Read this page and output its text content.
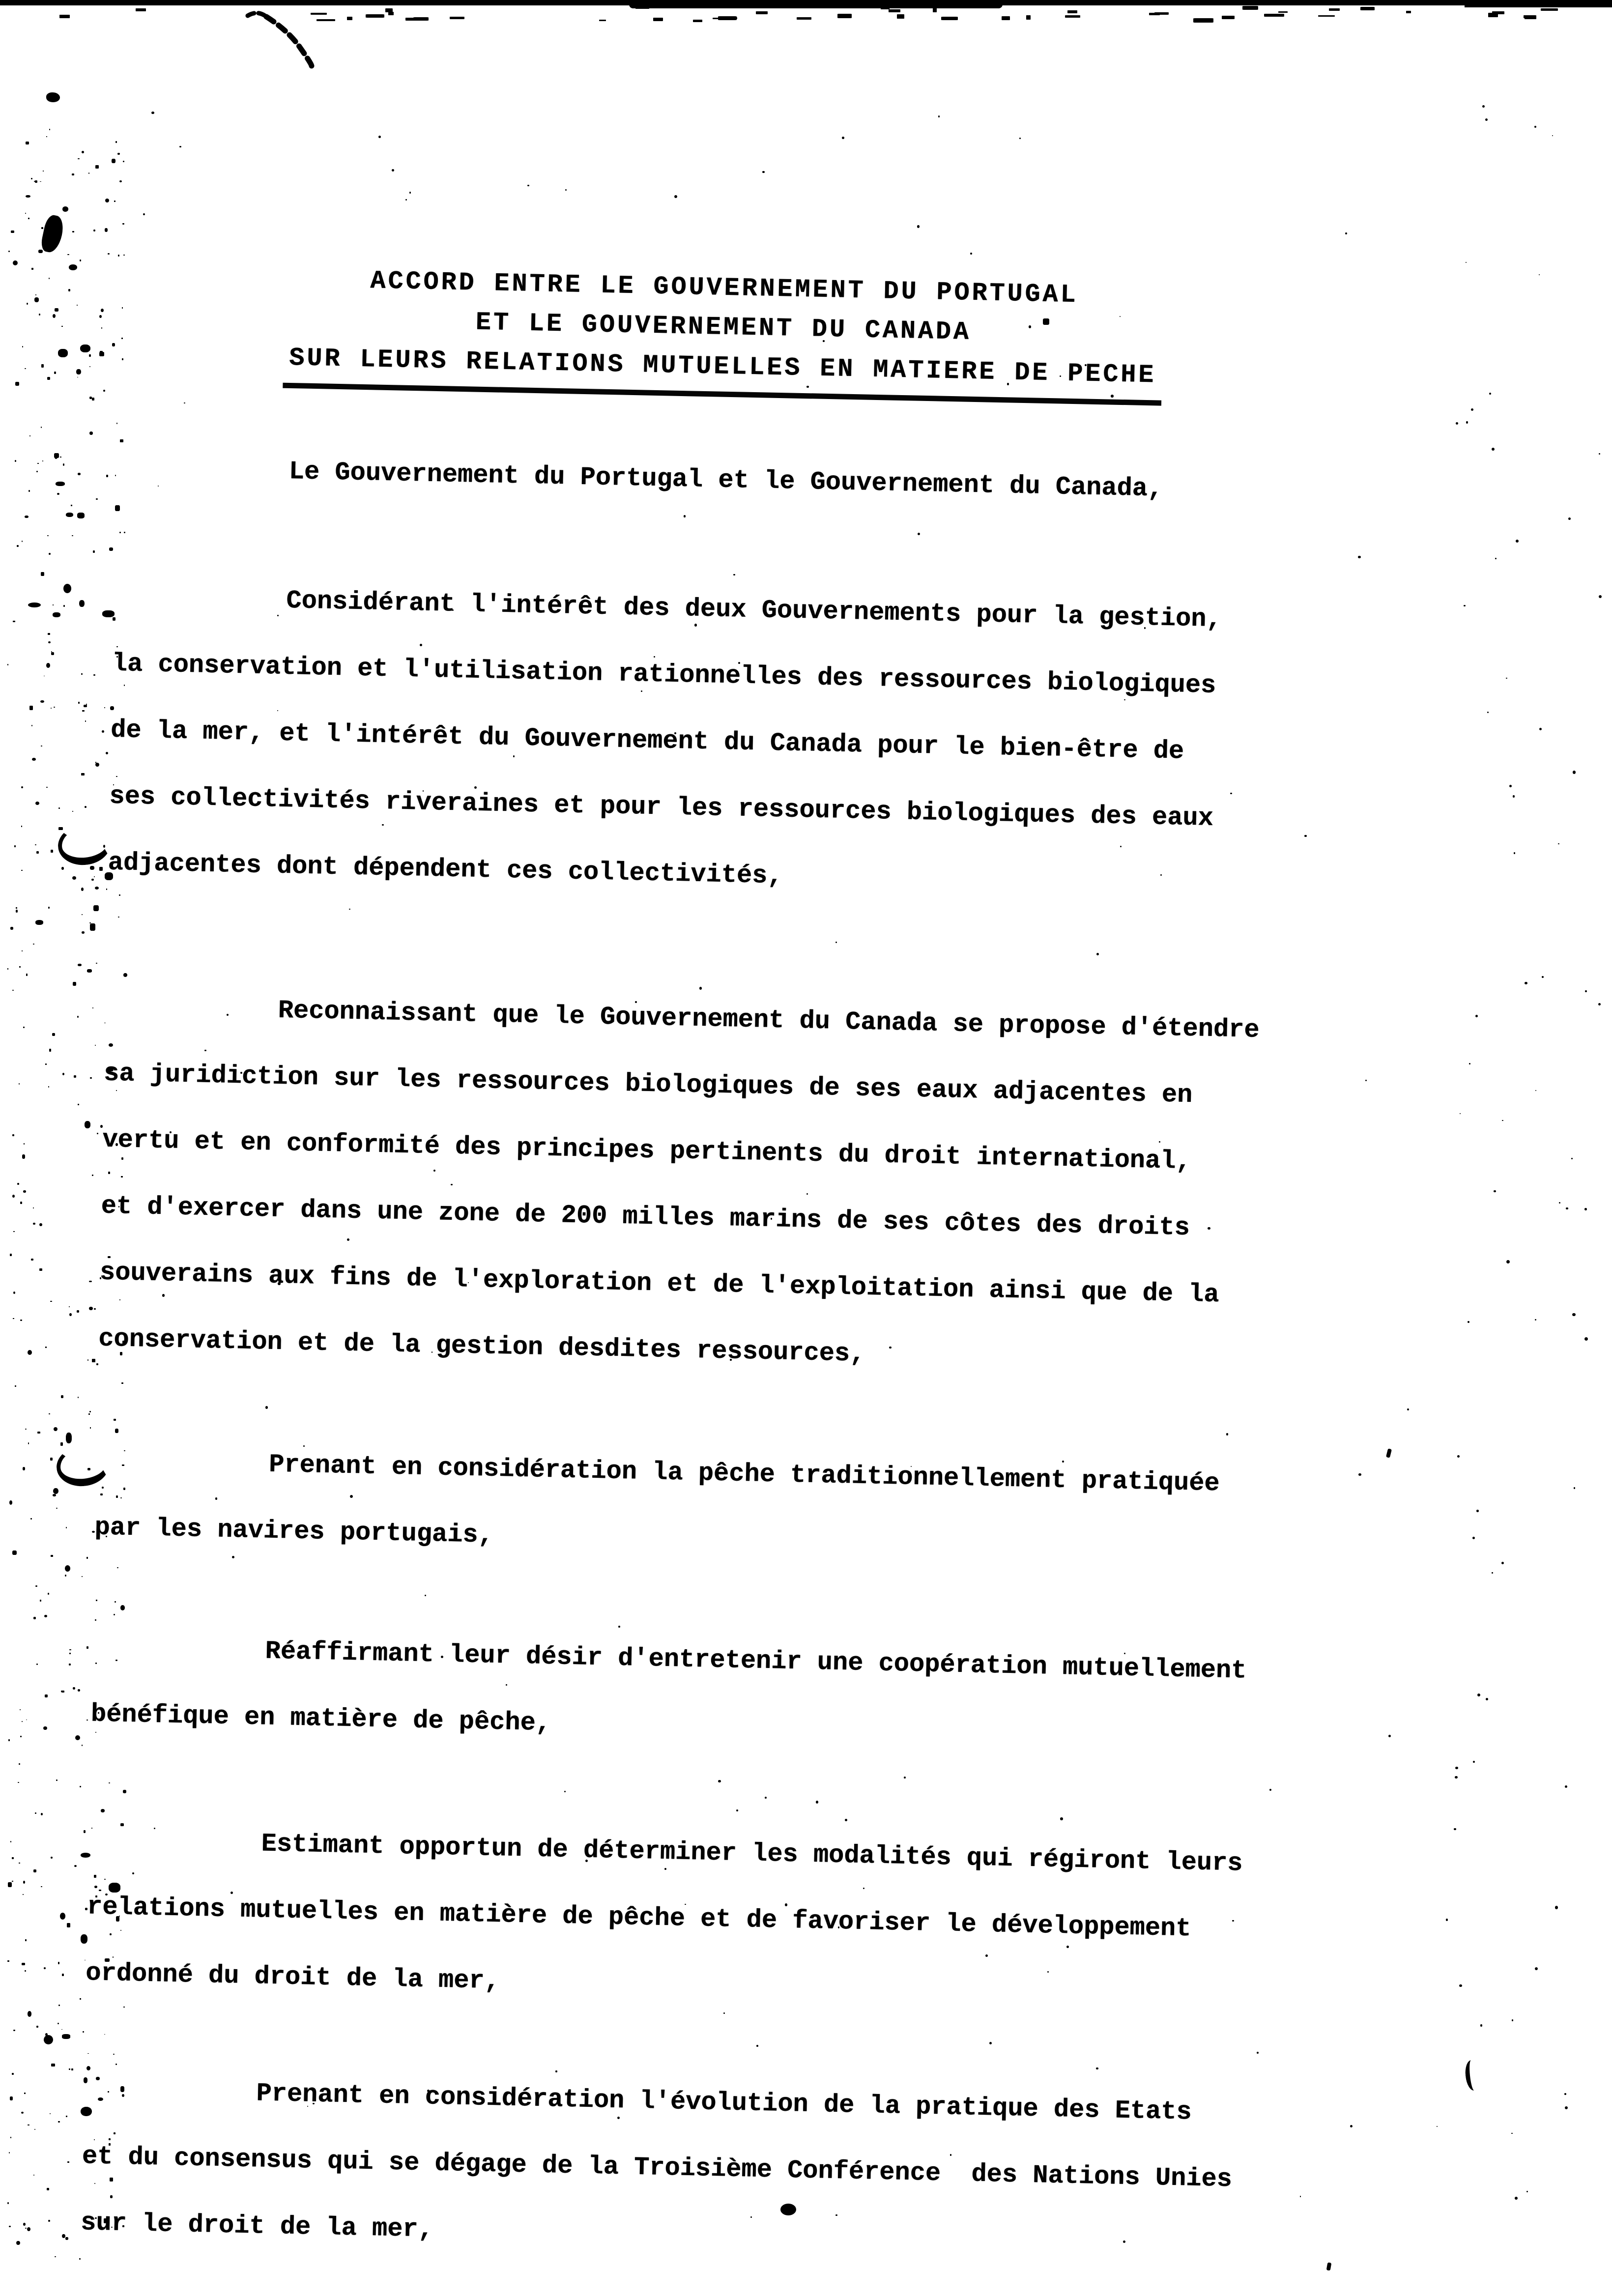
ACCORD ENTRE LE GOUVERNEMENT DU PORTUGAL
ET LE GOUVERNEMENT DU CANADA
SUR LEURS RELATIONS MUTUELLES EN MATIERE DE PECHE
Le Gouvernement du Portugal et le Gouvernement du Canada,
Considérant l'intérêt des deux Gouvernements pour la gestion,
la conservation et l'utilisation rationnelles des ressources biologiques
de la mer, et l'intérêt du Gouvernement du Canada pour le bien-être de
ses collectivités riveraines et pour les ressources biologiques des eaux
adjacentes dont dépendent ces collectivités,
Reconnaissant que le Gouvernement du Canada se propose d'étendre
sa juridiction sur les ressources biologiques de ses eaux adjacentes en
vertu et en conformité des principes pertinents du droit international,
et d'exercer dans une zone de 200 milles marins de ses côtes des droits
souverains aux fins de l'exploration et de l'exploitation ainsi que de la
conservation et de la gestion desdites ressources,
Prenant en considération la pêche traditionnellement pratiquée
par les navires portugais,
Réaffirmant leur désir d'entretenir une coopération mutuellement
bénéfique en matière de pêche,
Estimant opportun de déterminer les modalités qui régiront leurs
relations mutuelles en matière de pêche et de favoriser le développement
ordonné du droit de la mer,
Prenant en considération l'évolution de la pratique des Etats
et du consensus qui se dégage de la Troisième Conférence  des Nations Unies
sur le droit de la mer,
